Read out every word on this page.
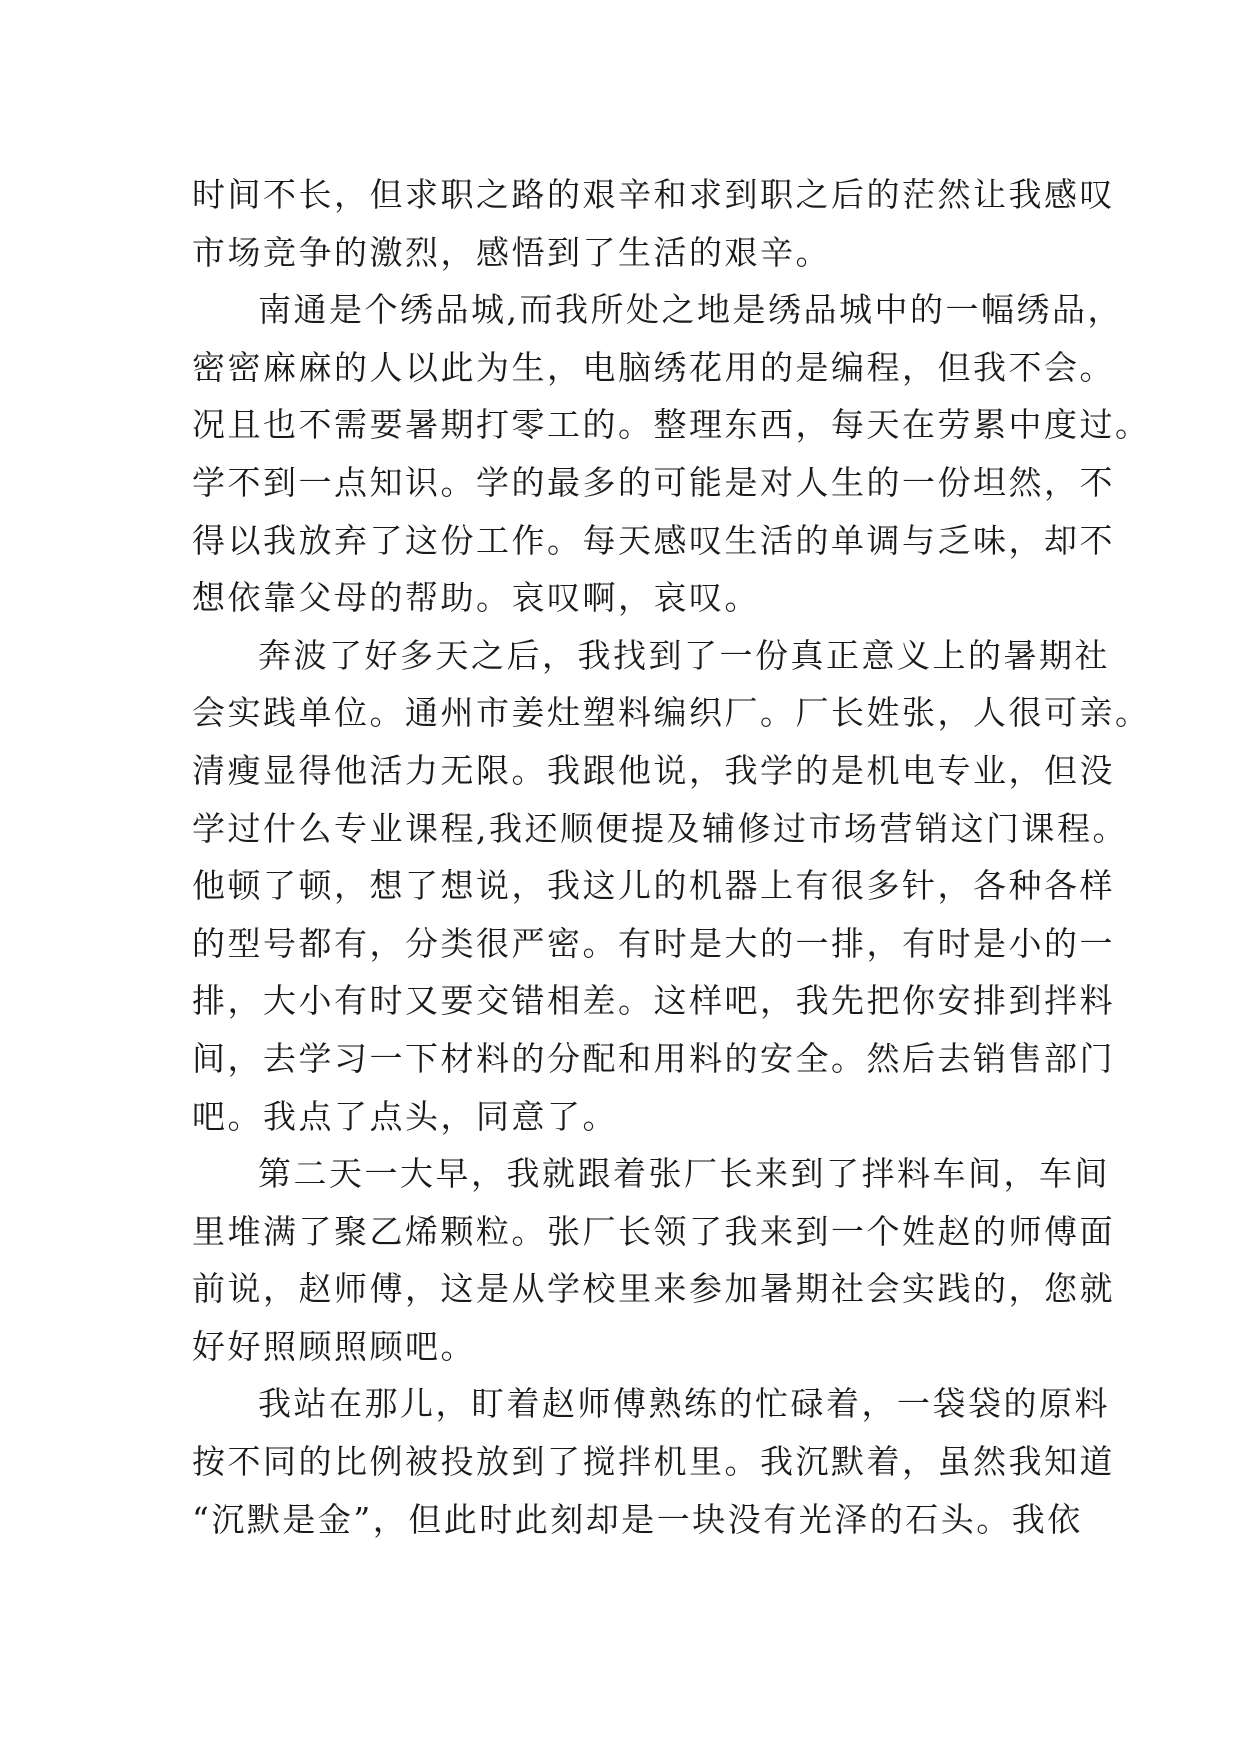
时间不长，但求职之路的艰辛和求到职之后的茫然让我感叹
市场竞争的激烈，感悟到了生活的艰辛。
南通是个绣品城,而我所处之地是绣品城中的一幅绣品，
密密麻麻的人以此为生，电脑绣花用的是编程，但我不会。
况且也不需要暑期打零工的。整理东西，每天在劳累中度过。
学不到一点知识。学的最多的可能是对人生的一份坦然，不
得以我放弃了这份工作。每天感叹生活的单调与乏味，却不
想依靠父母的帮助。哀叹啊，哀叹。
奔波了好多天之后，我找到了一份真正意义上的暑期社
会实践单位。通州市姜灶塑料编织厂。厂长姓张，人很可亲。
清瘦显得他活力无限。我跟他说，我学的是机电专业，但没
学过什么专业课程,我还顺便提及辅修过市场营销这门课程。
他顿了顿，想了想说，我这儿的机器上有很多针，各种各样
的型号都有，分类很严密。有时是大的一排，有时是小的一
排，大小有时又要交错相差。这样吧，我先把你安排到拌料
间，去学习一下材料的分配和用料的安全。然后去销售部门
吧。我点了点头，同意了。
第二天一大早，我就跟着张厂长来到了拌料车间，车间
里堆满了聚乙烯颗粒。张厂长领了我来到一个姓赵的师傅面
前说，赵师傅，这是从学校里来参加暑期社会实践的，您就
好好照顾照顾吧。
我站在那儿，盯着赵师傅熟练的忙碌着，一袋袋的原料
按不同的比例被投放到了搅拌机里。我沉默着，虽然我知道
“沉默是金”，但此时此刻却是一块没有光泽的石头。我依
